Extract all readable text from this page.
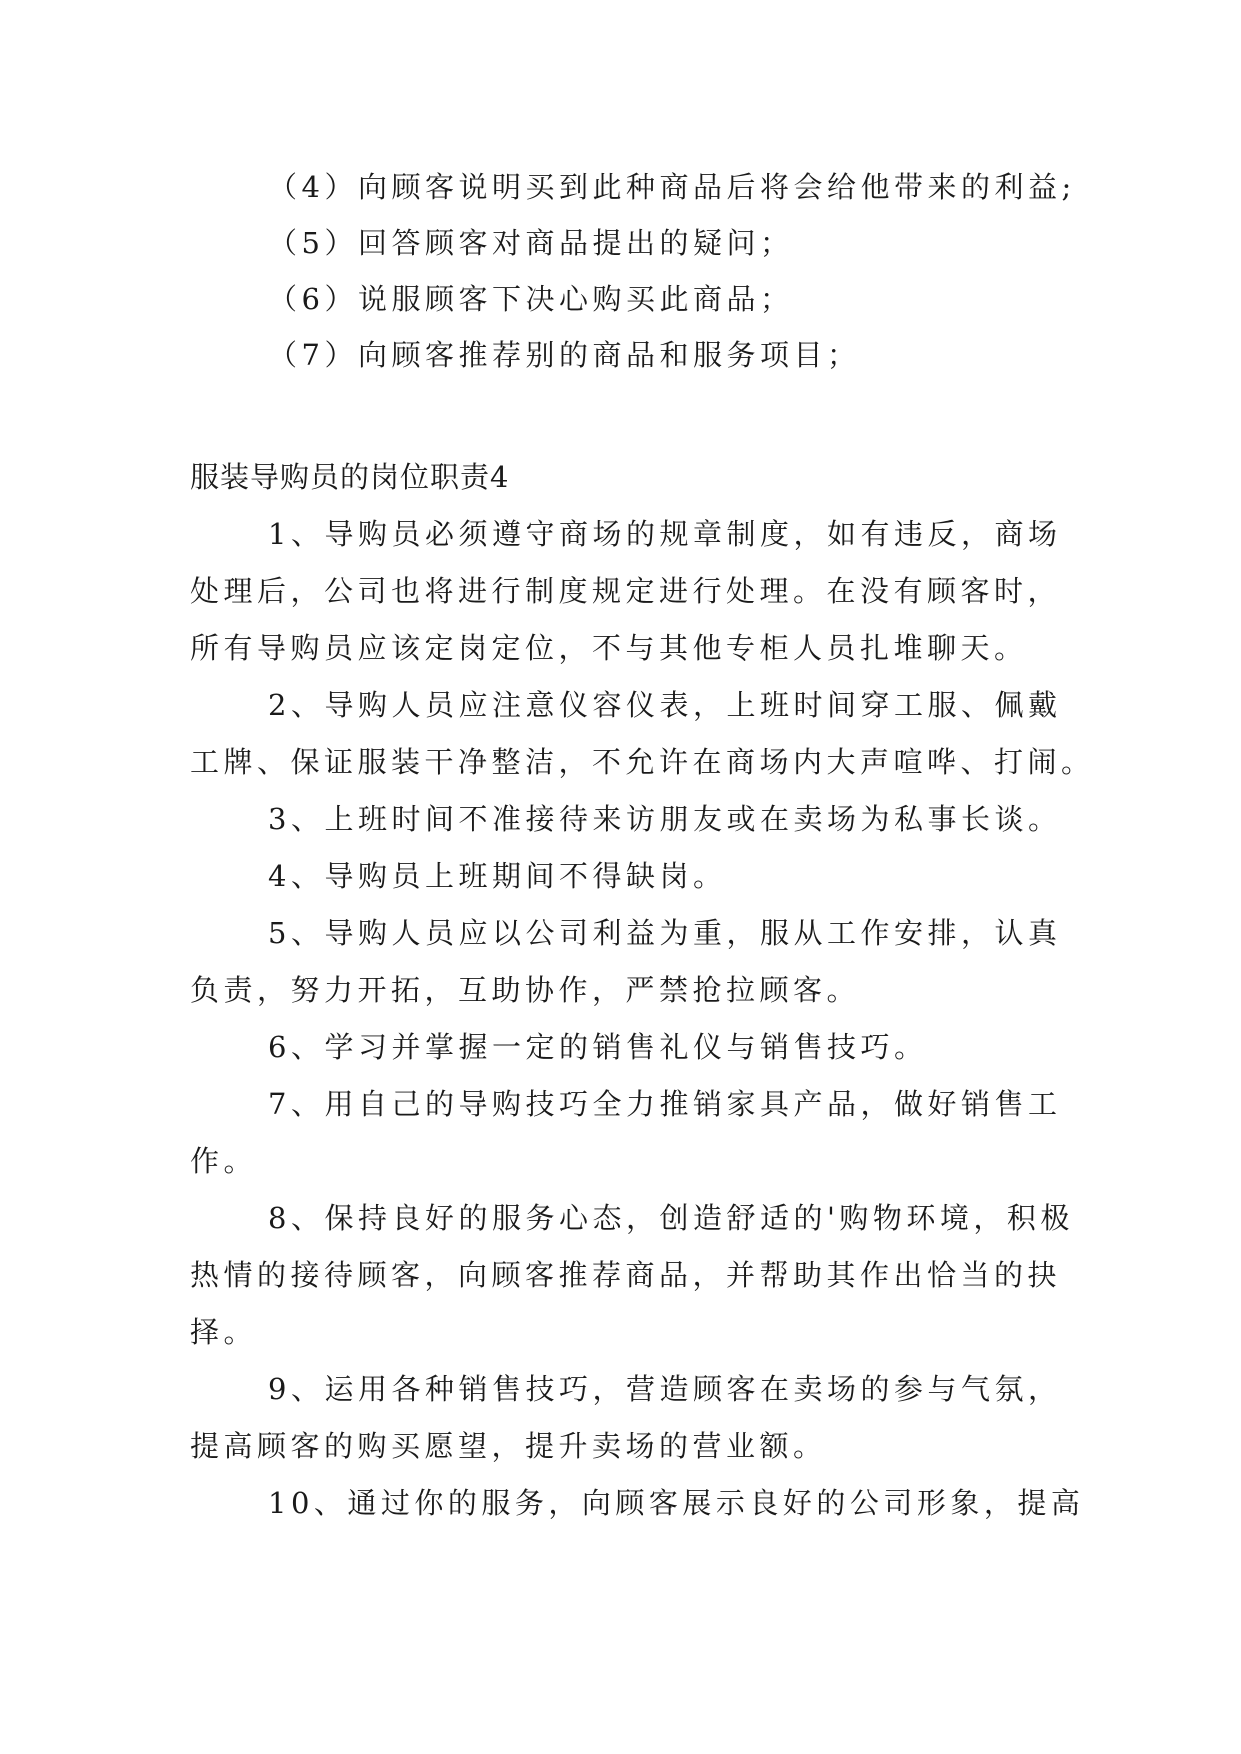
（4）向顾客说明买到此种商品后将会给他带来的利益;
（5）回答顾客对商品提出的疑问；
（6）说服顾客下决心购买此商品；
（7）向顾客推荐别的商品和服务项目；
服装导购员的岗位职责4
1、导购员必须遵守商场的规章制度，如有违反，商场
处理后，公司也将进行制度规定进行处理。在没有顾客时，
所有导购员应该定岗定位，不与其他专柜人员扎堆聊天。
2、导购人员应注意仪容仪表，上班时间穿工服、佩戴
工牌、保证服装干净整洁，不允许在商场内大声喧哗、打闹。
3、上班时间不准接待来访朋友或在卖场为私事长谈。
4、导购员上班期间不得缺岗。
5、导购人员应以公司利益为重，服从工作安排，认真
负责，努力开拓，互助协作，严禁抢拉顾客。
6、学习并掌握一定的销售礼仪与销售技巧。
7、用自己的导购技巧全力推销家具产品，做好销售工
作。
8、保持良好的服务心态，创造舒适的'购物环境，积极
热情的接待顾客，向顾客推荐商品，并帮助其作出恰当的抉
择。
9、运用各种销售技巧，营造顾客在卖场的参与气氛，
提高顾客的购买愿望，提升卖场的营业额。
10、通过你的服务，向顾客展示良好的公司形象，提高
